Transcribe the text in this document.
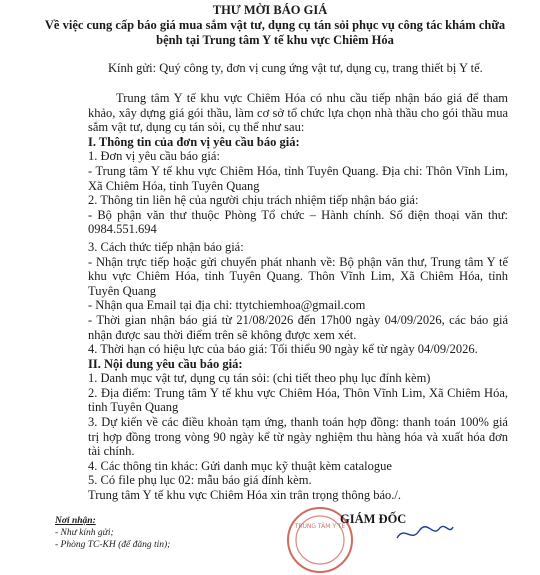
THƯ MỜI BÁO GIÁ
Về việc cung cấp báo giá mua sắm vật tư, dụng cụ tán sỏi phục vụ công tác khám chữa bệnh tại Trung tâm Y tế khu vực Chiêm Hóa
Kính gửi: Quý công ty, đơn vị cung ứng vật tư, dụng cụ, trang thiết bị Y tế.

Trung tâm Y tế khu vực Chiêm Hóa có nhu cầu tiếp nhận báo giá để tham khảo, xây dựng giá gói thầu, làm cơ sở tổ chức lựa chọn nhà thầu cho gói thầu mua sắm vật tư, dụng cụ tán sỏi, cụ thể như sau:

I. Thông tin của đơn vị yêu cầu báo giá:

1. Đơn vị yêu cầu báo giá:

- Trung tâm Y tế khu vực Chiêm Hóa, tỉnh Tuyên Quang. Địa chỉ: Thôn Vĩnh Lim, Xã Chiêm Hóa, tỉnh Tuyên Quang

2. Thông tin liên hệ của người chịu trách nhiệm tiếp nhận báo giá:

- Bộ phận văn thư thuộc Phòng Tổ chức – Hành chính. Số điện thoại văn thư: 0984.551.694

3. Cách thức tiếp nhận báo giá:

- Nhận trực tiếp hoặc gửi chuyển phát nhanh về: Bộ phận văn thư, Trung tâm Y tế khu vực Chiêm Hóa, tỉnh Tuyên Quang. Thôn Vĩnh Lim, Xã Chiêm Hóa, tỉnh Tuyên Quang

- Nhận qua Email tại địa chỉ: ttytchiemhoa@gmail.com

- Thời gian nhận báo giá từ 21/08/2026 đến 17h00 ngày 04/09/2026, các báo giá nhận được sau thời điểm trên sẽ không được xem xét.

4. Thời hạn có hiệu lực của báo giá: Tối thiểu 90 ngày kể từ ngày 04/09/2026.

II. Nội dung yêu cầu báo giá:

1. Danh mục vật tư, dụng cụ tán sỏi: (chi tiết theo phụ lục đính kèm)

2. Địa điểm: Trung tâm Y tế khu vực Chiêm Hóa, Thôn Vĩnh Lim, Xã Chiêm Hóa, tỉnh Tuyên Quang

3. Dự kiến về các điều khoản tạm ứng, thanh toán hợp đồng: thanh toán 100% giá trị hợp đồng trong vòng 90 ngày kể từ ngày nghiệm thu hàng hóa và xuất hóa đơn tài chính.

4. Các thông tin khác: Gửi danh mục kỹ thuật kèm catalogue

5. Có file phụ lục 02: mẫu báo giá đính kèm.

Trung tâm Y tế khu vực Chiêm Hóa xin trân trọng thông báo./.

Nơi nhận:
- Như kính gửi;
- Phòng TC-KH (để đăng tin);
TRUNG TÂM Y TẾ
GIÁM ĐỐC
